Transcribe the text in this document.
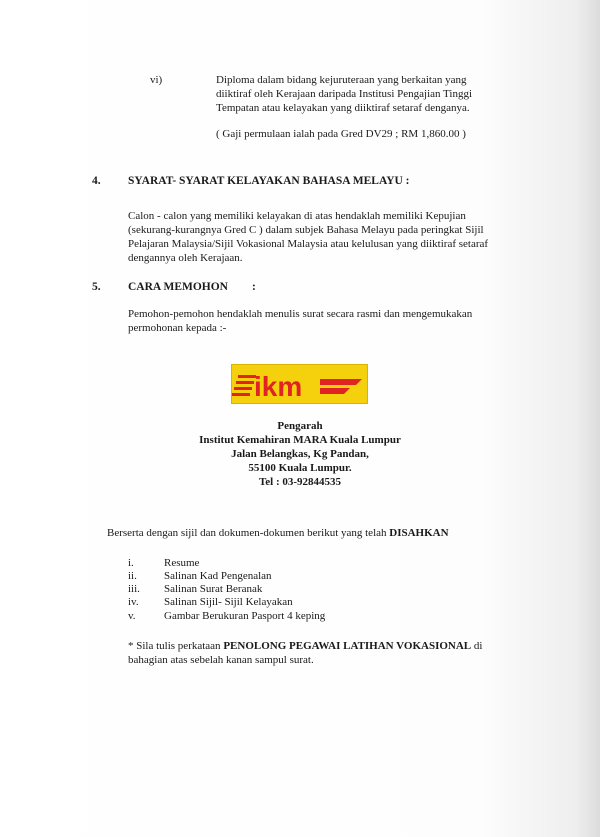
vi)	Diploma dalam bidang kejuruteraan yang berkaitan yang
diiktiraf oleh Kerajaan daripada Institusi Pengajian Tinggi
Tempatan atau kelayakan yang diiktiraf setaraf denganya.
( Gaji permulaan ialah pada Gred DV29 ; RM 1,860.00 )
4. SYARAT- SYARAT KELAYAKAN BAHASA MELAYU :
Calon - calon yang memiliki kelayakan di atas hendaklah memiliki Kepujian
(sekurang-kurangnya Gred C ) dalam subjek Bahasa Melayu pada peringkat Sijil
Pelajaran Malaysia/Sijil Vokasional Malaysia atau kelulusan yang diiktiraf setaraf
dengannya oleh Kerajaan.
5. CARA MEMOHON :
Pemohon-pemohon hendaklah menulis surat secara rasmi dan mengemukakan
permohonan kepada :-
ikm
Pengarah
Institut Kemahiran MARA Kuala Lumpur
Jalan Belangkas, Kg Pandan,
55100 Kuala Lumpur.
Tel : 03-92844535
Berserta dengan sijil dan dokumen-dokumen berikut yang telah DISAHKAN
i.	Resume
ii. Salinan Kad Pengenalan
iii. Salinan Surat Beranak
iv. Salinan Sijil- Sijil Kelayakan
v.	Gambar Berukuran Pasport 4 keping
* Sila tulis perkataan PENOLONG PEGAWAI LATIHAN VOKASIONAL di
bahagian atas sebelah kanan sampul surat.
